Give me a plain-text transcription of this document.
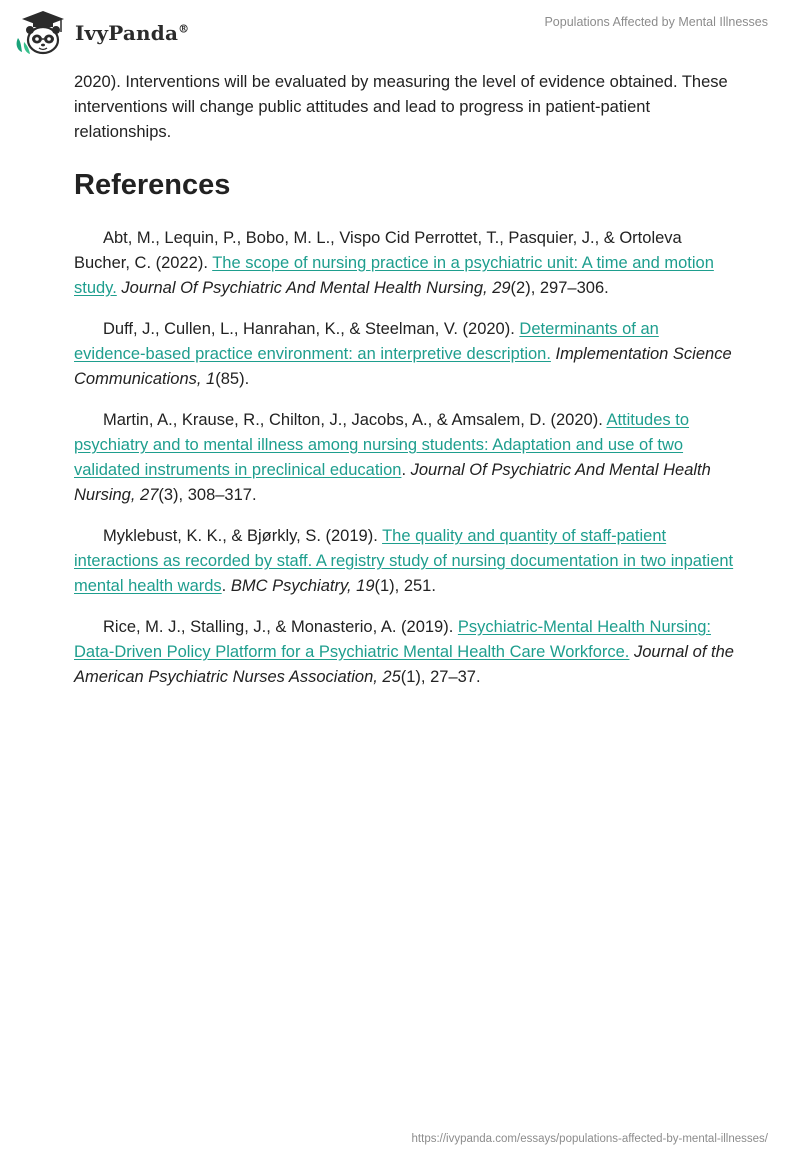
IvyPanda®	Populations Affected by Mental Illnesses

2020). Interventions will be evaluated by measuring the level of evidence obtained. These interventions will change public attitudes and lead to progress in patient-patient relationships.

References
Abt, M., Lequin, P., Bobo, M. L., Vispo Cid Perrottet, T., Pasquier, J., & Ortoleva Bucher, C. (2022). The scope of nursing practice in a psychiatric unit: A time and motion study. Journal Of Psychiatric And Mental Health Nursing, 29(2), 297–306.
Duff, J., Cullen, L., Hanrahan, K., & Steelman, V. (2020). Determinants of an evidence-based practice environment: an interpretive description. Implementation Science Communications, 1(85).
Martin, A., Krause, R., Chilton, J., Jacobs, A., & Amsalem, D. (2020). Attitudes to psychiatry and to mental illness among nursing students: Adaptation and use of two validated instruments in preclinical education. Journal Of Psychiatric And Mental Health Nursing, 27(3), 308–317.
Myklebust, K. K., & Bjørkly, S. (2019). The quality and quantity of staff-patient interactions as recorded by staff. A registry study of nursing documentation in two inpatient mental health wards. BMC Psychiatry, 19(1), 251.
Rice, M. J., Stalling, J., & Monasterio, A. (2019). Psychiatric-Mental Health Nursing: Data-Driven Policy Platform for a Psychiatric Mental Health Care Workforce. Journal of the American Psychiatric Nurses Association, 25(1), 27–37.
https://ivypanda.com/essays/populations-affected-by-mental-illnesses/
